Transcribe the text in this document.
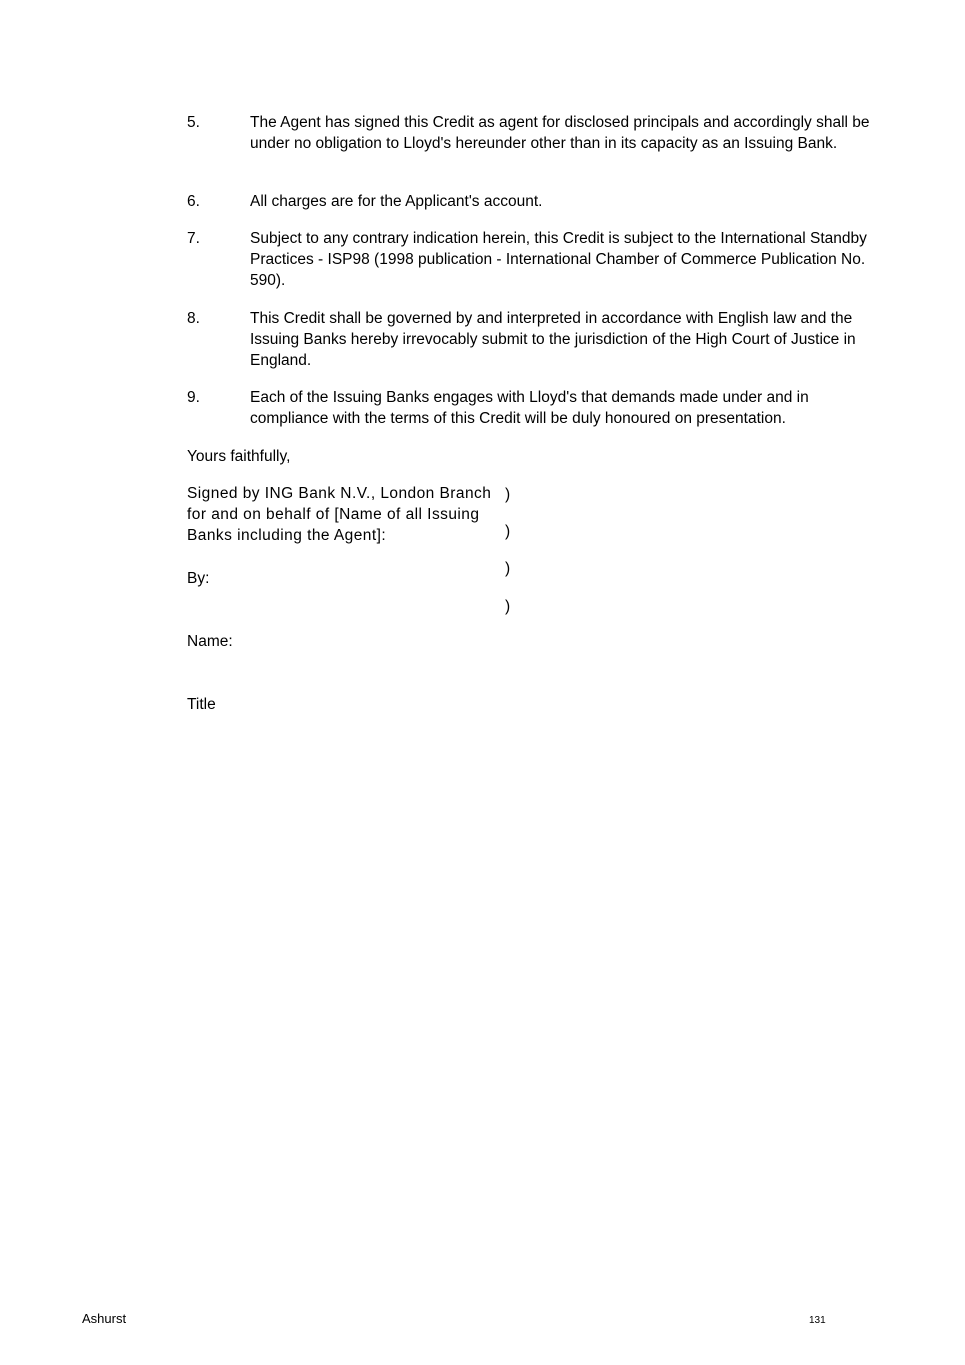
5.	The Agent has signed this Credit as agent for disclosed principals and accordingly shall be under no obligation to Lloyd's hereunder other than in its capacity as an Issuing Bank.
6.	All charges are for the Applicant's account.
7.	Subject to any contrary indication herein, this Credit is subject to the International Standby Practices - ISP98 (1998 publication - International Chamber of Commerce Publication No. 590).
8.	This Credit shall be governed by and interpreted in accordance with English law and the Issuing Banks hereby irrevocably submit to the jurisdiction of the High Court of Justice in England.
9.	Each of the Issuing Banks engages with Lloyd's that demands made under and in compliance with the terms of this Credit will be duly honoured on presentation.
Yours faithfully,
Signed by ING Bank N.V., London Branch for and on behalf of [Name of all Issuing Banks including the Agent]:
)
)
)
)
By:
Name:
Title
Ashurst	131
